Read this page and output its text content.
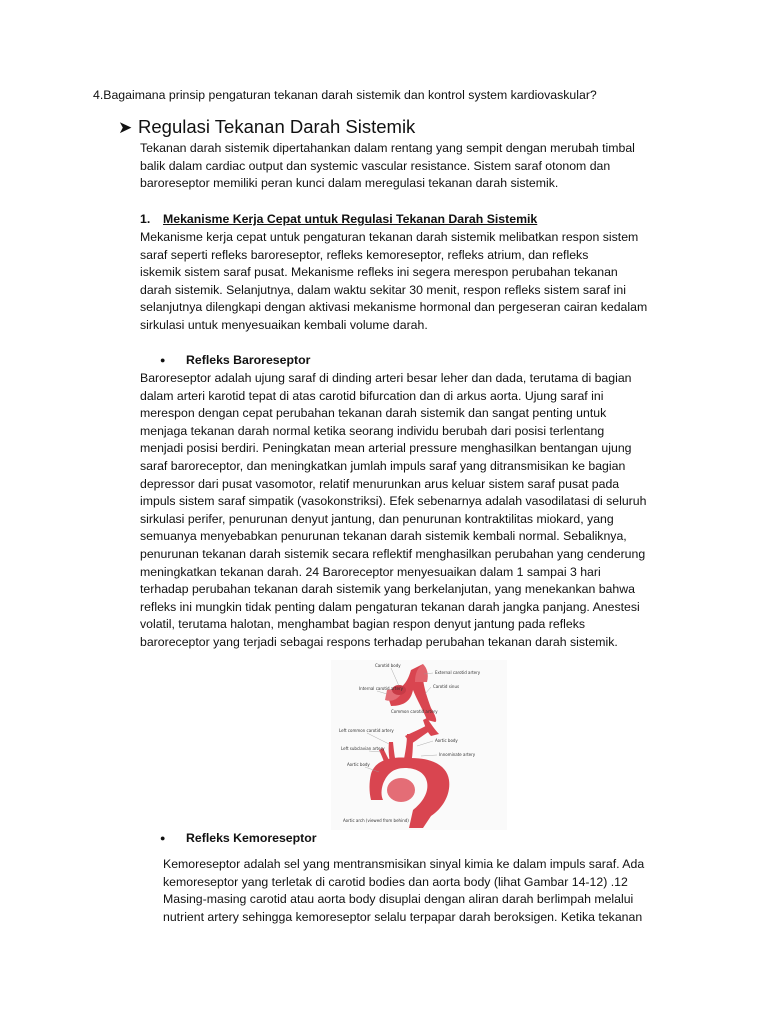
4.Bagaimana prinsip pengaturan tekanan darah sistemik dan kontrol system kardiovaskular?
➤ Regulasi Tekanan Darah Sistemik
Tekanan darah sistemik dipertahankan dalam rentang yang sempit dengan merubah timbal
balik dalam cardiac output dan systemic vascular resistance. Sistem saraf otonom dan
baroreseptor memiliki peran kunci dalam meregulasi tekanan darah sistemik.
1. Mekanisme Kerja Cepat untuk Regulasi Tekanan Darah Sistemik
Mekanisme kerja cepat untuk pengaturan tekanan darah sistemik melibatkan respon sistem
saraf seperti refleks baroreseptor, refleks kemoreseptor, refleks atrium, dan refleks
iskemik sistem saraf pusat. Mekanisme refleks ini segera merespon perubahan tekanan
darah sistemik. Selanjutnya, dalam waktu sekitar 30 menit, respon refleks sistem saraf ini
selanjutnya dilengkapi dengan aktivasi mekanisme hormonal dan pergeseran cairan kedalam
sirkulasi untuk menyesuaikan kembali volume darah.
● Refleks Baroreseptor
Baroreseptor adalah ujung saraf di dinding arteri besar leher dan dada, terutama di bagian
dalam arteri karotid tepat di atas carotid bifurcation dan di arkus aorta. Ujung saraf ini
merespon dengan cepat perubahan tekanan darah sistemik dan sangat penting untuk
menjaga tekanan darah normal ketika seorang individu berubah dari posisi terlentang
menjadi posisi berdiri. Peningkatan mean arterial pressure menghasilkan bentangan ujung
saraf baroreceptor, dan meningkatkan jumlah impuls saraf yang ditransmisikan ke bagian
depressor dari pusat vasomotor, relatif menurunkan arus keluar sistem saraf pusat pada
impuls sistem saraf simpatik (vasokonstriksi). Efek sebenarnya adalah vasodilatasi di seluruh
sirkulasi perifer, penurunan denyut jantung, dan penurunan kontraktilitas miokard, yang
semuanya menyebabkan penurunan tekanan darah sistemik kembali normal. Sebaliknya,
penurunan tekanan darah sistemik secara reflektif menghasilkan perubahan yang cenderung
meningkatkan tekanan darah. 24 Baroreceptor menyesuaikan dalam 1 sampai 3 hari
terhadap perubahan tekanan darah sistemik yang berkelanjutan, yang menekankan bahwa
refleks ini mungkin tidak penting dalam pengaturan tekanan darah jangka panjang. Anestesi
volatil, terutama halotan, menghambat bagian respon denyut jantung pada refleks
baroreceptor yang terjadi sebagai respons terhadap perubahan tekanan darah sistemik.
Carotid body
External carotid artery
Internal carotid artery	Carotid sinus
Common carotid artery
Left common carotid artery
Aortic body
Left subclavian artery
Innominate artery
Aortic body
Aortic arch (viewed from behind)
● Refleks Kemoreseptor
Kemoreseptor adalah sel yang mentransmisikan sinyal kimia ke dalam impuls saraf. Ada
kemoreseptor yang terletak di carotid bodies dan aorta body (lihat Gambar 14-12) .12
Masing-masing carotid atau aorta body disuplai dengan aliran darah berlimpah melalui
nutrient artery sehingga kemoreseptor selalu terpapar darah beroksigen. Ketika tekanan
